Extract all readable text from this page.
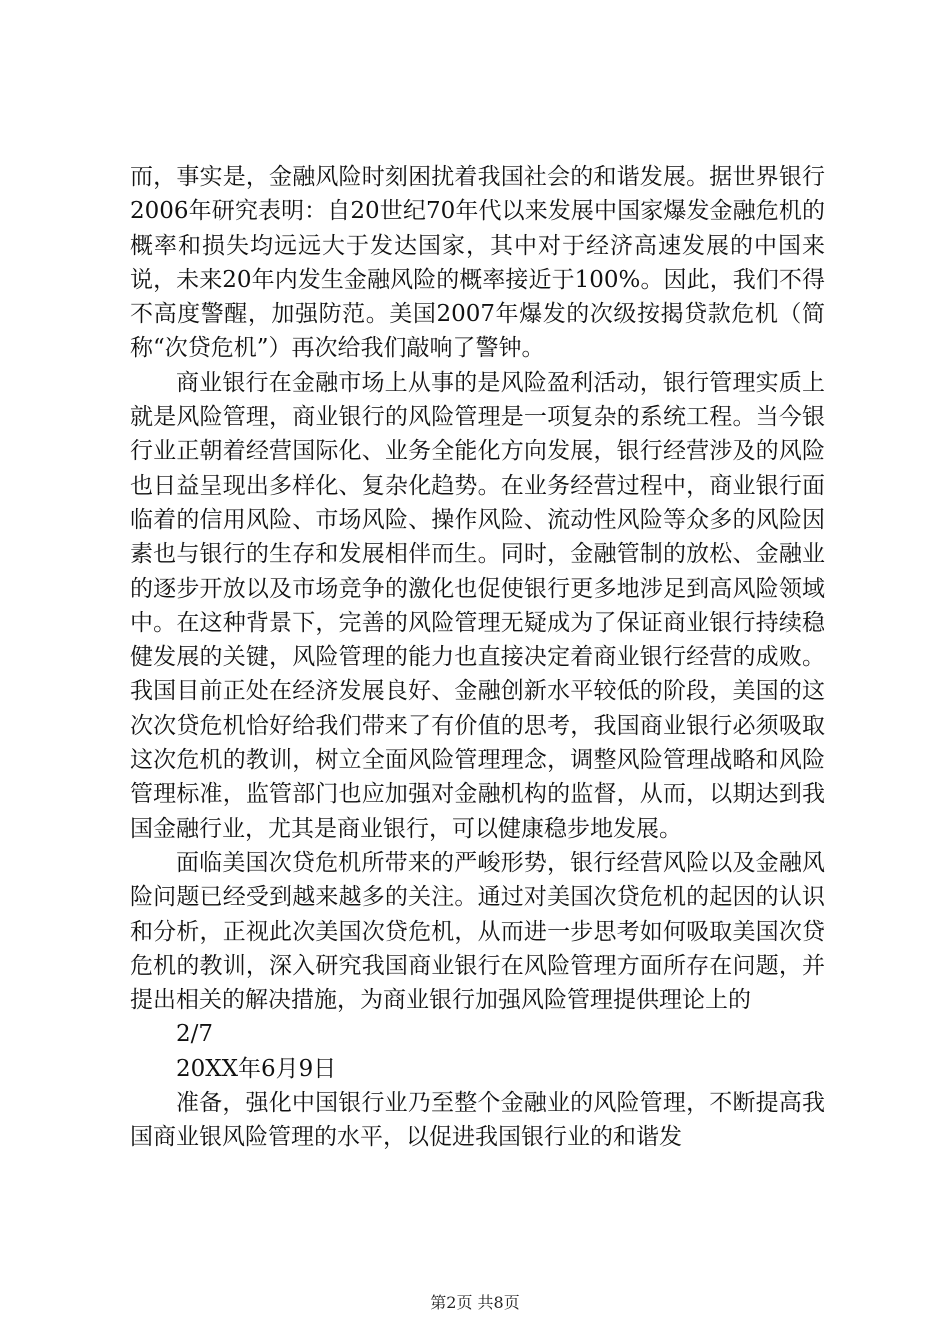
而，事实是，金融风险时刻困扰着我国社会的和谐发展。据世界银行2006年研究表明：自20世纪70年代以来发展中国家爆发金融危机的概率和损失均远远大于发达国家，其中对于经济高速发展的中国来说，未来20年内发生金融风险的概率接近于100%。因此，我们不得不高度警醒，加强防范。美国2007年爆发的次级按揭贷款危机（简称“次贷危机”）再次给我们敲响了警钟。

商业银行在金融市场上从事的是风险盈利活动，银行管理实质上就是风险管理，商业银行的风险管理是一项复杂的系统工程。当今银行业正朝着经营国际化、业务全能化方向发展，银行经营涉及的风险也日益呈现出多样化、复杂化趋势。在业务经营过程中，商业银行面临着的信用风险、市场风险、操作风险、流动性风险等众多的风险因素也与银行的生存和发展相伴而生。同时，金融管制的放松、金融业的逐步开放以及市场竞争的激化也促使银行更多地涉足到高风险领域中。在这种背景下，完善的风险管理无疑成为了保证商业银行持续稳健发展的关键，风险管理的能力也直接决定着商业银行经营的成败。我国目前正处在经济发展良好、金融创新水平较低的阶段，美国的这次次贷危机恰好给我们带来了有价值的思考，我国商业银行必须吸取这次危机的教训，树立全面风险管理理念，调整风险管理战略和风险管理标准，监管部门也应加强对金融机构的监督，从而，以期达到我国金融行业，尤其是商业银行，可以健康稳步地发展。

面临美国次贷危机所带来的严峻形势，银行经营风险以及金融风险问题已经受到越来越多的关注。通过对美国次贷危机的起因的认识和分析，正视此次美国次贷危机，从而进一步思考如何吸取美国次贷危机的教训，深入研究我国商业银行在风险管理方面所存在问题，并提出相关的解决措施，为商业银行加强风险管理提供理论上的

2/7

20XX年6月9日

准备，强化中国银行业乃至整个金融业的风险管理，不断提高我国商业银风险管理的水平，以促进我国银行业的和谐发

第2页 共8页
